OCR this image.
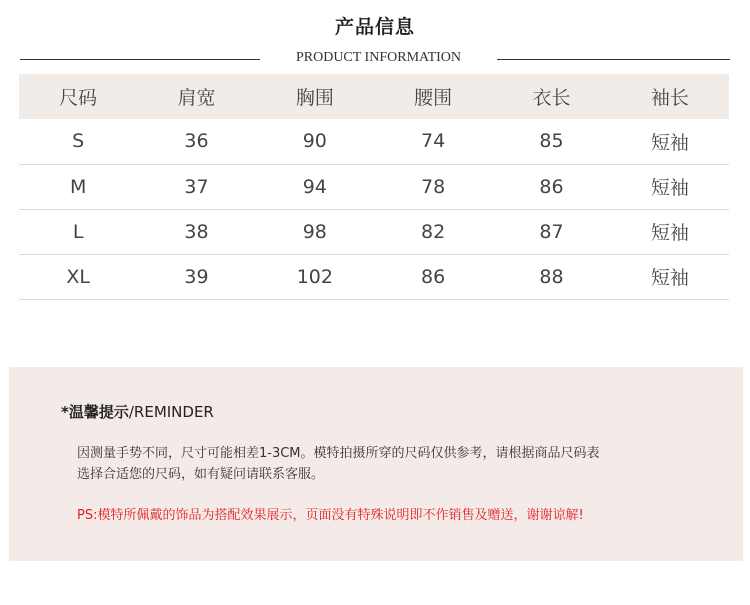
产品信息
PRODUCT INFORMATION
尺码	肩宽	胸围	腰围	衣长	袖长
S	36	90	74	85	短袖
M	37	94	78	86	短袖
L	38	98	82	87	短袖
XL	39	102	86	88	短袖
*温馨提示/REMINDER
因测量手势不同，尺寸可能相差1-3CM。模特拍摄所穿的尺码仅供参考，请根据商品尺码表
选择合适您的尺码，如有疑问请联系客服。
PS:模特所佩戴的饰品为搭配效果展示，页面没有特殊说明即不作销售及赠送，谢谢谅解!
